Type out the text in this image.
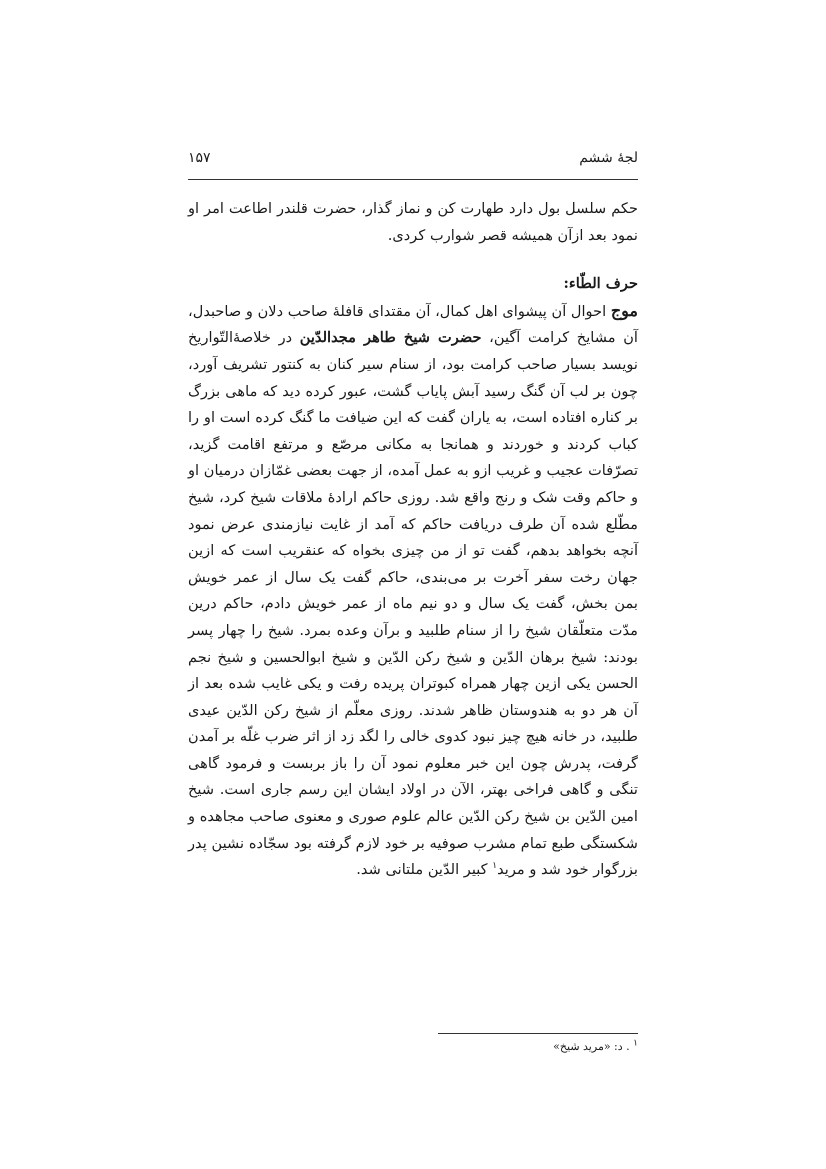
لجۀ ششم
۱۵۷

حکم سلسل بول دارد طهارت کن و نماز گذار، حضرت قلندر اطاعت امر او نمود بعد ازآن همیشه قصر شوارب کردی.

حرف الطّاء:

موج احوال آن پیشوای اهل کمال، آن مقتدای قافلۀ صاحب دلان و صاحبدل، آن مشایخ کرامت آگین، حضرت شیخ طاهر مجدالدّین در خلاصۀالتّواریخ نویسد بسیار صاحب کرامت بود، از سنام سیر کنان به کنتور تشریف آورد، چون بر لب آن گنگ رسید آبش پایاب گشت، عبور کرده دید که ماهی بزرگ بر کناره افتاده است، به یاران گفت که این ضیافت ما گنگ کرده است او را کباب کردند و خوردند و همانجا به مکانی مرصّع و مرتفع اقامت گزید، تصرّفات عجیب و غریب ازو به عمل آمده، از جهت بعضی غمّازان درمیان او و حاکم وقت شک و رنج واقع شد. روزی حاکم ارادۀ ملاقات شیخ کرد، شیخ مطّلع شده آن طرف دریافت حاکم که آمد از غایت نیازمندی عرض نمود آنچه بخواهد بدهم، گفت تو از من چیزی بخواه که عنقریب است که ازین جهان رخت سفر آخرت بر می‌بندی، حاکم گفت یک سال از عمر خویش بمن بخش، گفت یک سال و دو نیم ماه از عمر خویش دادم، حاکم درین مدّت متعلّقان شیخ را از سنام طلبید و برآن وعده بمرد. شیخ را چهار پسر بودند: شیخ برهان الدّین و شیخ رکن الدّین و شیخ ابوالحسین و شیخ نجم الحسن یکی ازین چهار همراه کبوتران پریده رفت و یکی غایب شده بعد از آن هر دو به هندوستان ظاهر شدند. روزی معلّم از شیخ رکن الدّین عیدی طلبید، در خانه هیچ چیز نبود کدوی خالی را لگد زد از اثر ضرب غلّه بر آمدن گرفت، پدرش چون این خبر معلوم نمود آن را باز بربست و فرمود گاهی تنگی و گاهی فراخی بهتر، الآن در اولاد ایشان این رسم جاری است. شیخ امین الدّین بن شیخ رکن الدّین عالم علوم صوری و معنوی صاحب مجاهده و شکستگی طبع تمام مشرب صوفیه بر خود لازم گرفته بود سجّاده نشین پدر بزرگوار خود شد و مرید$^۱$ کبیر الدّین ملتانی شد.

$^۱$ . د: «مرید شیخ»
